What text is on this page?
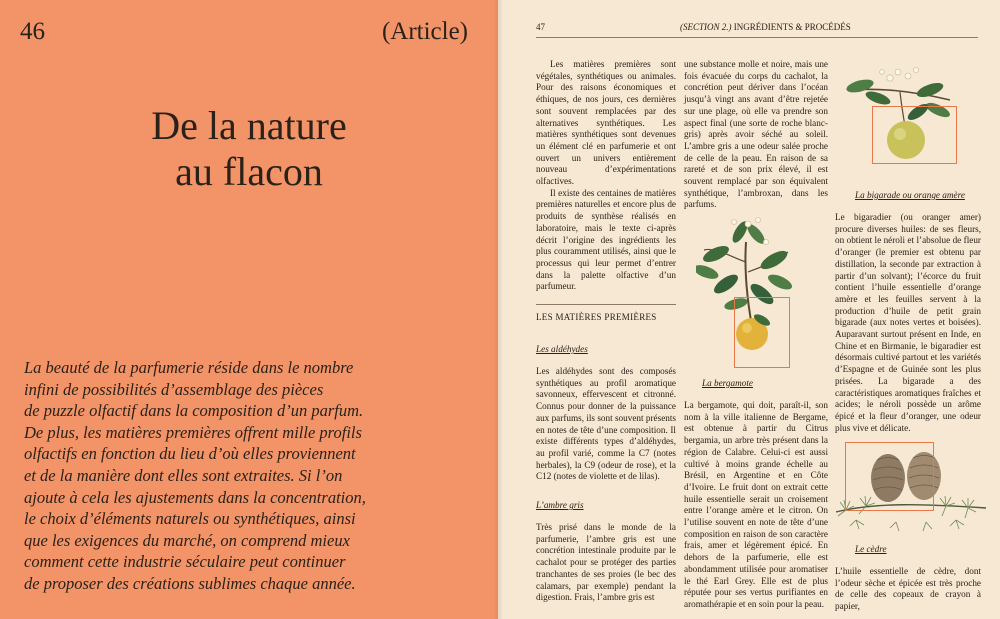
46	(Article)
De la nature
au flacon
La beauté de la parfumerie réside dans le nombre
infini de possibilités d’assemblage des pièces
de puzzle olfactif dans la composition d’un parfum.
De plus, les matières premières offrent mille profils
olfactifs en fonction du lieu d’où elles proviennent
et de la manière dont elles sont extraites. Si l’on
ajoute à cela les ajustements dans la concentration,
le choix d’éléments naturels ou synthétiques, ainsi
que les exigences du marché, on comprend mieux
comment cette industrie séculaire peut continuer
de proposer des créations sublimes chaque année.
47	(SECTION 2.) INGRÉDIENTS & PROCÉDÉS

Les matières premières sont végétales, synthétiques ou animales. Pour des raisons économiques et éthiques, de nos jours, ces dernières sont souvent remplacées par des alternatives synthétiques. Les matières synthétiques sont devenues un élément clé en parfumerie et ont ouvert un univers entièrement nouveau d’expérimentations olfactives.

Il existe des centaines de matières premières naturelles et encore plus de produits de synthèse réalisés en laboratoire, mais le texte ci-après décrit l’origine des ingrédients les plus couramment utilisés, ainsi que le processus qui leur permet d’entrer dans la palette olfactive d’un parfumeur.

LES MATIÈRES PREMIÈRES
Les aldéhydes

Les aldéhydes sont des composés synthétiques au profil aromatique savonneux, effervescent et citronné. Connus pour donner de la puissance aux parfums, ils sont souvent présents en notes de tête d’une composition. Il existe différents types d’aldéhydes, au profil varié, comme la C7 (notes herbales), la C9 (odeur de rose), et la C12 (notes de violette et de lilas).

L’ambre gris

Très prisé dans le monde de la parfumerie, l’ambre gris est une concrétion intestinale produite par le cachalot pour se protéger des parties tranchantes de ses proies (le bec des calamars, par exemple) pendant la digestion. Frais, l’ambre gris est

une substance molle et noire, mais une fois évacuée du corps du cachalot, la concrétion peut dériver dans l’océan jusqu’à vingt ans avant d’être rejetée sur une plage, où elle va prendre son aspect final (une sorte de roche blanc-gris) après avoir séché au soleil. L’ambre gris a une odeur salée proche de celle de la peau. En raison de sa rareté et de son prix élevé, il est souvent remplacé par son équivalent synthétique, l’ambroxan, dans les parfums.

La bergamote

La bergamote, qui doit, paraît-il, son nom à la ville italienne de Bergame, est obtenue à partir du Citrus bergamia, un arbre très présent dans la région de Calabre. Celui-ci est aussi cultivé à moins grande échelle au Brésil, en Argentine et en Côte d’Ivoire. Le fruit dont on extrait cette huile essentielle serait un croisement entre l’orange amère et le citron. On l’utilise souvent en note de tête d’une composition en raison de son caractère frais, amer et légèrement épicé. En dehors de la parfumerie, elle est abondamment utilisée pour aromatiser le thé Earl Grey. Elle est de plus réputée pour ses vertus purifiantes en aromathérapie et en soin pour la peau.

La bigarade ou orange amère

Le bigaradier (ou oranger amer) procure diverses huiles: de ses fleurs, on obtient le néroli et l’absolue de fleur d’oranger (le premier est obtenu par distillation, la seconde par extraction à partir d’un solvant); l’écorce du fruit contient l’huile essentielle d’orange amère et les feuilles servent à la production d’huile de petit grain bigarade (aux notes vertes et boisées). Auparavant surtout présent en Inde, en Chine et en Birmanie, le bigaradier est désormais cultivé partout et les variétés d’Espagne et de Guinée sont les plus prisées. La bigarade a des caractéristiques aromatiques fraîches et acides; le néroli possède un arôme épicé et la fleur d’oranger, une odeur plus vive et délicate.

Le cèdre

L’huile essentielle de cèdre, dont l’odeur sèche et épicée est très proche de celle des copeaux de crayon à papier,
